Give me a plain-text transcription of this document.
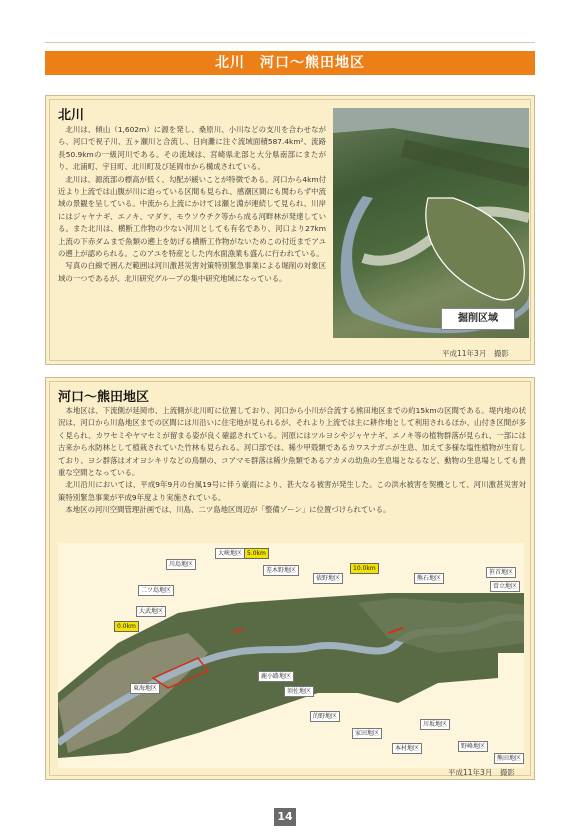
北川　河口～熊田地区
北川

北川は、傾山（1,602m）に源を発し、桑原川、小川などの支川を合わせながら、河口で祝子川、五ヶ瀬川と合流し、日向灘に注ぐ流域面積587.4km²、流路長50.9kmの一級河川である。その流域は、宮崎県北部と大分県南部にまたがり、北浦町、宇目町、北川町及び延岡市から構成されている。

北川は、源流部の標高が低く、勾配が緩いことが特徴である。河口から4km付近より上流では山腹が川に迫っている区間も見られ、感潮区間にも関わらず中流域の景観を呈している。中流から上流にかけては瀬と淵が連続して見られ、川岸にはジャヤナギ、エノキ、マダケ、モウソウチク等から成る河畔林が発達している。また北川は、横断工作物の少ない河川としても有名であり、河口より27km上流の下赤ダムまで魚類の遡上を妨げる横断工作物がないためこの付近までアユの遡上が認められる。このアユを特産とした内水面漁業も盛んに行われている。

写真の白線で囲んだ範囲は河川激甚災害対策特別緊急事業による堀削の対象区域の一つであるが、北川研究グループの集中研究地域になっている。

掘削区域
平成11年3月　撮影
河口～熊田地区

本地区は、下流側が延岡市、上流側が北川町に位置しており、河口から小川が合流する熊田地区までの約15kmの区間である。堤内地の状況は、河口から川島地区までの区間には川沿いに住宅地が見られるが、それより上流では主に耕作地として利用されるほか、山付き区間が多く見られ、カワセミやヤマセミが留まる姿が良く確認されている。河原にはツルヨシやジャヤナギ、エノキ等の植物群落が見られ、一部には古来から水防林として植栽されていた竹林も見られる。河口部では、稀少甲殻類であるカワスナガニが生息、加えて多様な塩性植物が生育しており、ヨシ群落はオオヨシキリなどの鳥類の、コアマモ群落は稀少魚類であるアカメの幼魚の生息場となるなど、動物の生息場としても貴重な空間となっている。

北川沿川においては、平成9年9月の台風19号に伴う豪雨により、甚大なる被害が発生した。この洪水被害を契機として、河川激甚災害対策特別緊急事業が平成9年度より実施されている。

本地区の河川空間管理計画では、川島、二ツ島地区周辺が「整備ゾーン」に位置づけられている。

大峡地区
川島地区
差木野地区
俵野地区	熊石地区
笹首地区
曽立地区
二ツ島地区
大武地区
東海地区
鹿小路地区
須佐地区
的野地区
家田地区
本村地区
川坂地区
野峰地区
熊田地区
5.0km
10.0km
0.0km
平成11年3月　撮影
14
